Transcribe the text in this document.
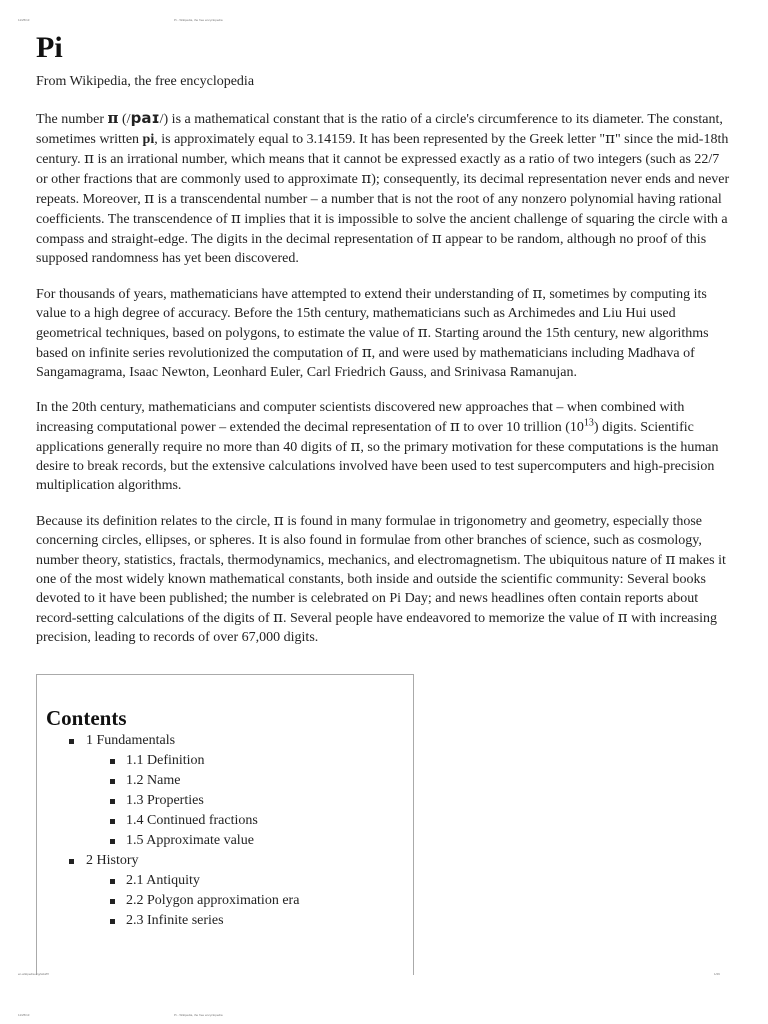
11/25/13	Pi - Wikipedia, the free encyclopedia
Pi

From Wikipedia, the free encyclopedia

The number π (/paɪ/) is a mathematical constant that is the ratio of a circle's circumference to its diameter. The constant, sometimes written pi, is approximately equal to 3.14159. It has been represented by the Greek letter "π" since the mid-18th century. π is an irrational number, which means that it cannot be expressed exactly as a ratio of two integers (such as 22/7 or other fractions that are commonly used to approximate π); consequently, its decimal representation never ends and never repeats. Moreover, π is a transcendental number – a number that is not the root of any nonzero polynomial having rational coefficients. The transcendence of π implies that it is impossible to solve the ancient challenge of squaring the circle with a compass and straight-edge. The digits in the decimal representation of π appear to be random, although no proof of this supposed randomness has yet been discovered.

For thousands of years, mathematicians have attempted to extend their understanding of π, sometimes by computing its value to a high degree of accuracy. Before the 15th century, mathematicians such as Archimedes and Liu Hui used geometrical techniques, based on polygons, to estimate the value of π. Starting around the 15th century, new algorithms based on infinite series revolutionized the computation of π, and were used by mathematicians including Madhava of Sangamagrama, Isaac Newton, Leonhard Euler, Carl Friedrich Gauss, and Srinivasa Ramanujan.

In the 20th century, mathematicians and computer scientists discovered new approaches that – when combined with increasing computational power – extended the decimal representation of π to over 10 trillion $(10^{13})$ digits. Scientific applications generally require no more than 40 digits of π, so the primary motivation for these computations is the human desire to break records, but the extensive calculations involved have been used to test supercomputers and high-precision multiplication algorithms.

Because its definition relates to the circle, π is found in many formulae in trigonometry and geometry, especially those concerning circles, ellipses, or spheres. It is also found in formulae from other branches of science, such as cosmology, number theory, statistics, fractals, thermodynamics, mechanics, and electromagnetism. The ubiquitous nature of π makes it one of the most widely known mathematical constants, both inside and outside the scientific community: Several books devoted to it have been published; the number is celebrated on Pi Day; and news headlines often contain reports about record-setting calculations of the digits of π. Several people have endeavored to memorize the value of π with increasing precision, leading to records of over 67,000 digits.

Contents
1 Fundamentals
1.1 Definition
1.2 Name
1.3 Properties
1.4 Continued fractions
1.5 Approximate value
2 History
2.1 Antiquity
2.2 Polygon approximation era
2.3 Infinite series
en.wikipedia.org/wiki/Pi	1/29
11/25/13	Pi - Wikipedia, the free encyclopedia
